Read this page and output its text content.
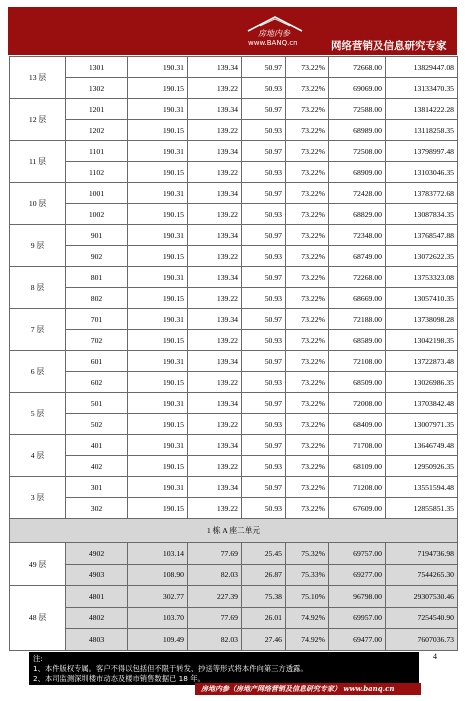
房地内参
www.BANQ.cn	网络营销及信息研究专家
13 层	1301	190.31	139.34	50.97	73.22%	72668.00	13829447.08
	1302	190.15	139.22	50.93	73.22%	69069.00	13133470.35
12 层	1201	190.31	139.34	50.97	73.22%	72588.00	13814222.28
	1202	190.15	139.22	50.93	73.22%	68989.00	13118258.35
11 层	1101	190.31	139.34	50.97	73.22%	72508.00	13798997.48
	1102	190.15	139.22	50.93	73.22%	68909.00	13103046.35
10 层	1001	190.31	139.34	50.97	73.22%	72428.00	13783772.68
	1002	190.15	139.22	50.93	73.22%	68829.00	13087834.35
9 层	901	190.31	139.34	50.97	73.22%	72348.00	13768547.88
	902	190.15	139.22	50.93	73.22%	68749.00	13072622.35
8 层	801	190.31	139.34	50.97	73.22%	72268.00	13753323.08
	802	190.15	139.22	50.93	73.22%	68669.00	13057410.35
7 层	701	190.31	139.34	50.97	73.22%	72188.00	13738098.28
	702	190.15	139.22	50.93	73.22%	68589.00	13042198.35
6 层	601	190.31	139.34	50.97	73.22%	72108.00	13722873.48
	602	190.15	139.22	50.93	73.22%	68509.00	13026986.35
5 层	501	190.31	139.34	50.97	73.22%	72008.00	13703842.48
	502	190.15	139.22	50.93	73.22%	68409.00	13007971.35
4 层	401	190.31	139.34	50.97	73.22%	71708.00	13646749.48
	402	190.15	139.22	50.93	73.22%	68109.00	12950926.35
3 层	301	190.31	139.34	50.97	73.22%	71208.00	13551594.48
	302	190.15	139.22	50.93	73.22%	67609.00	12855851.35
1 栋 A 座二单元							
49 层	4902	103.14	77.69	25.45	75.32%	69757.00	7194736.98
	4903	108.90	82.03	26.87	75.33%	69277.00	7544265.30
48 层	4801	302.77	227.39	75.38	75.10%	96798.00	29307530.46
	4802	103.70	77.69	26.01	74.92%	69957.00	7254540.90
	4803	109.49	82.03	27.46	74.92%	69477.00	7607036.73
注:
1、本件版权专属。客户不得以包括但不限于转发、抄送等形式将本件向第三方透露。
2、本司监测深圳楼市动态及楼市销售数据已 18 年。
4
房地内参（房地产网络营销及信息研究专家） www.banq.cn
